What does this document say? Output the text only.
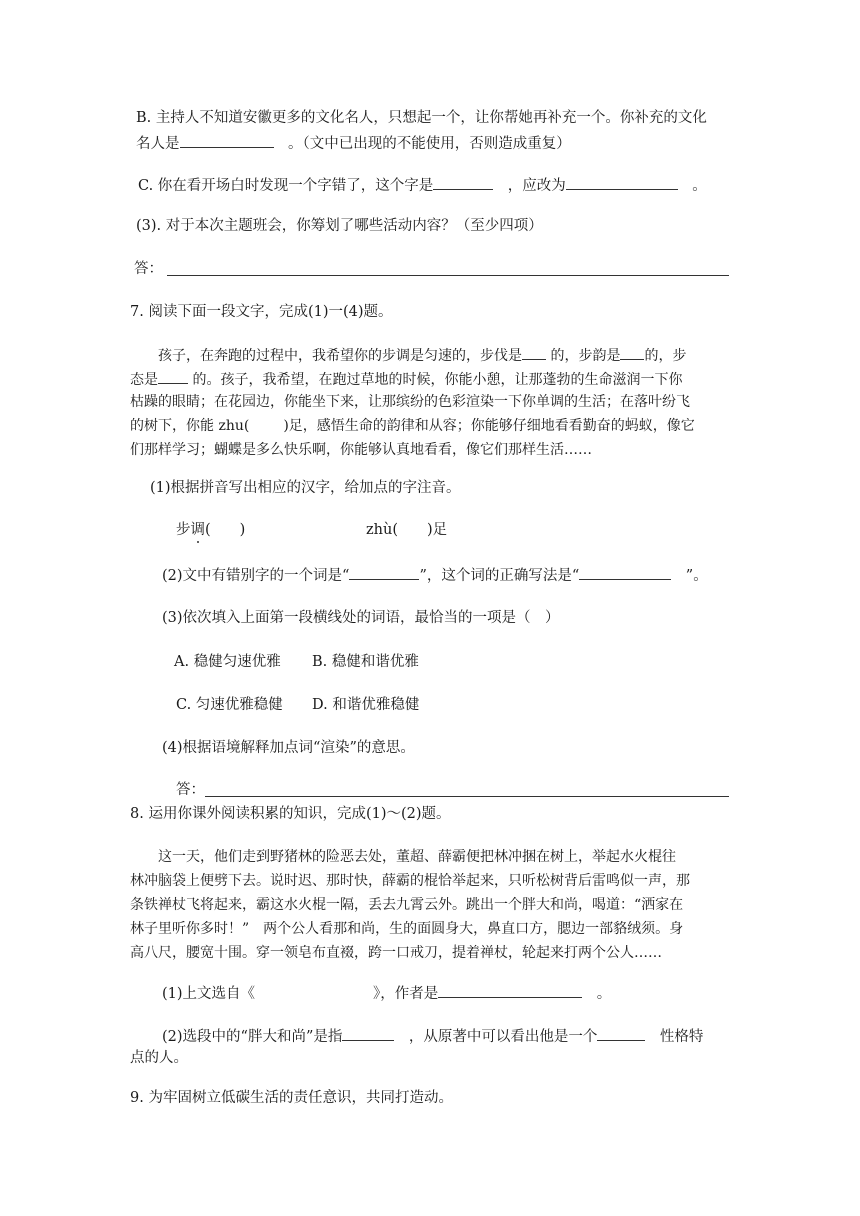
B. 主持人不知道安徽更多的文化名人，只想起一个，让你帮她再补充一个。你补充的文化
名人是　	。（文中已出现的不能使用，否则造成重复）
C. 你在看开场白时发现一个字错了，这个字是　	，应改为　	。
(3). 对于本次主题班会，你筹划了哪些活动内容？（至少四项）
答：
7. 阅读下面一段文字，完成(1)一(4)题。
孩子，在奔跑的过程中，我希望你的步调是匀速的，步伐是 的，步韵是 的，步
态是 的。孩子，我希望，在跑过草地的时候，你能小憩，让那蓬勃的生命滋润一下你
枯躁的眼睛；在花园边，你能坐下来，让那缤纷的色彩渲染一下你单调的生活；在落叶纷飞
的树下，你能 zhu( )足，感悟生命的韵律和从容；你能够仔细地看看勤奋的蚂蚁，像它
们那样学习；蝴蝶是多么快乐啊，你能够认真地看看，像它们那样生活……
(1)根据拼音写出相应的汉字，给加点的字注音。
步调(　　)	zhù(　　)足
(2)文中有错别字的一个词是“	”，这个词的正确写法是“　	”。
(3)依次填入上面第一段横线处的词语，最恰当的一项是（　）
A. 稳健匀速优雅 B. 稳健和谐优雅
C. 匀速优雅稳健 D. 和谐优雅稳健
(4)根据语境解释加点词“渲染”的意思。
答：
8. 运用你课外阅读积累的知识，完成(1)～(2)题。
这一天，他们走到野猪林的险恶去处，董超、薛霸便把林冲捆在树上，举起水火棍往
林冲脑袋上便劈下去。说时迟、那时快，薛霸的棍恰举起来，只听松树背后雷鸣似一声，那
条铁禅杖飞将起来，霸这水火棍一隔，丢去九霄云外。跳出一个胖大和尚，喝道：“洒家在
林子里听你多时！”　两个公人看那和尚，生的面圆身大，鼻直口方，腮边一部貉绒须。身
高八尺，腰宽十围。穿一领皂布直裰，跨一口戒刀，提着禅杖，轮起来打两个公人……
(1)上文选自《	》，作者是　	。
(2)选段中的“胖大和尚”是指　	，从原著中可以看出他是一个　	性格特
点的人。
9. 为牢固树立低碳生活的责任意识，共同打造动。
